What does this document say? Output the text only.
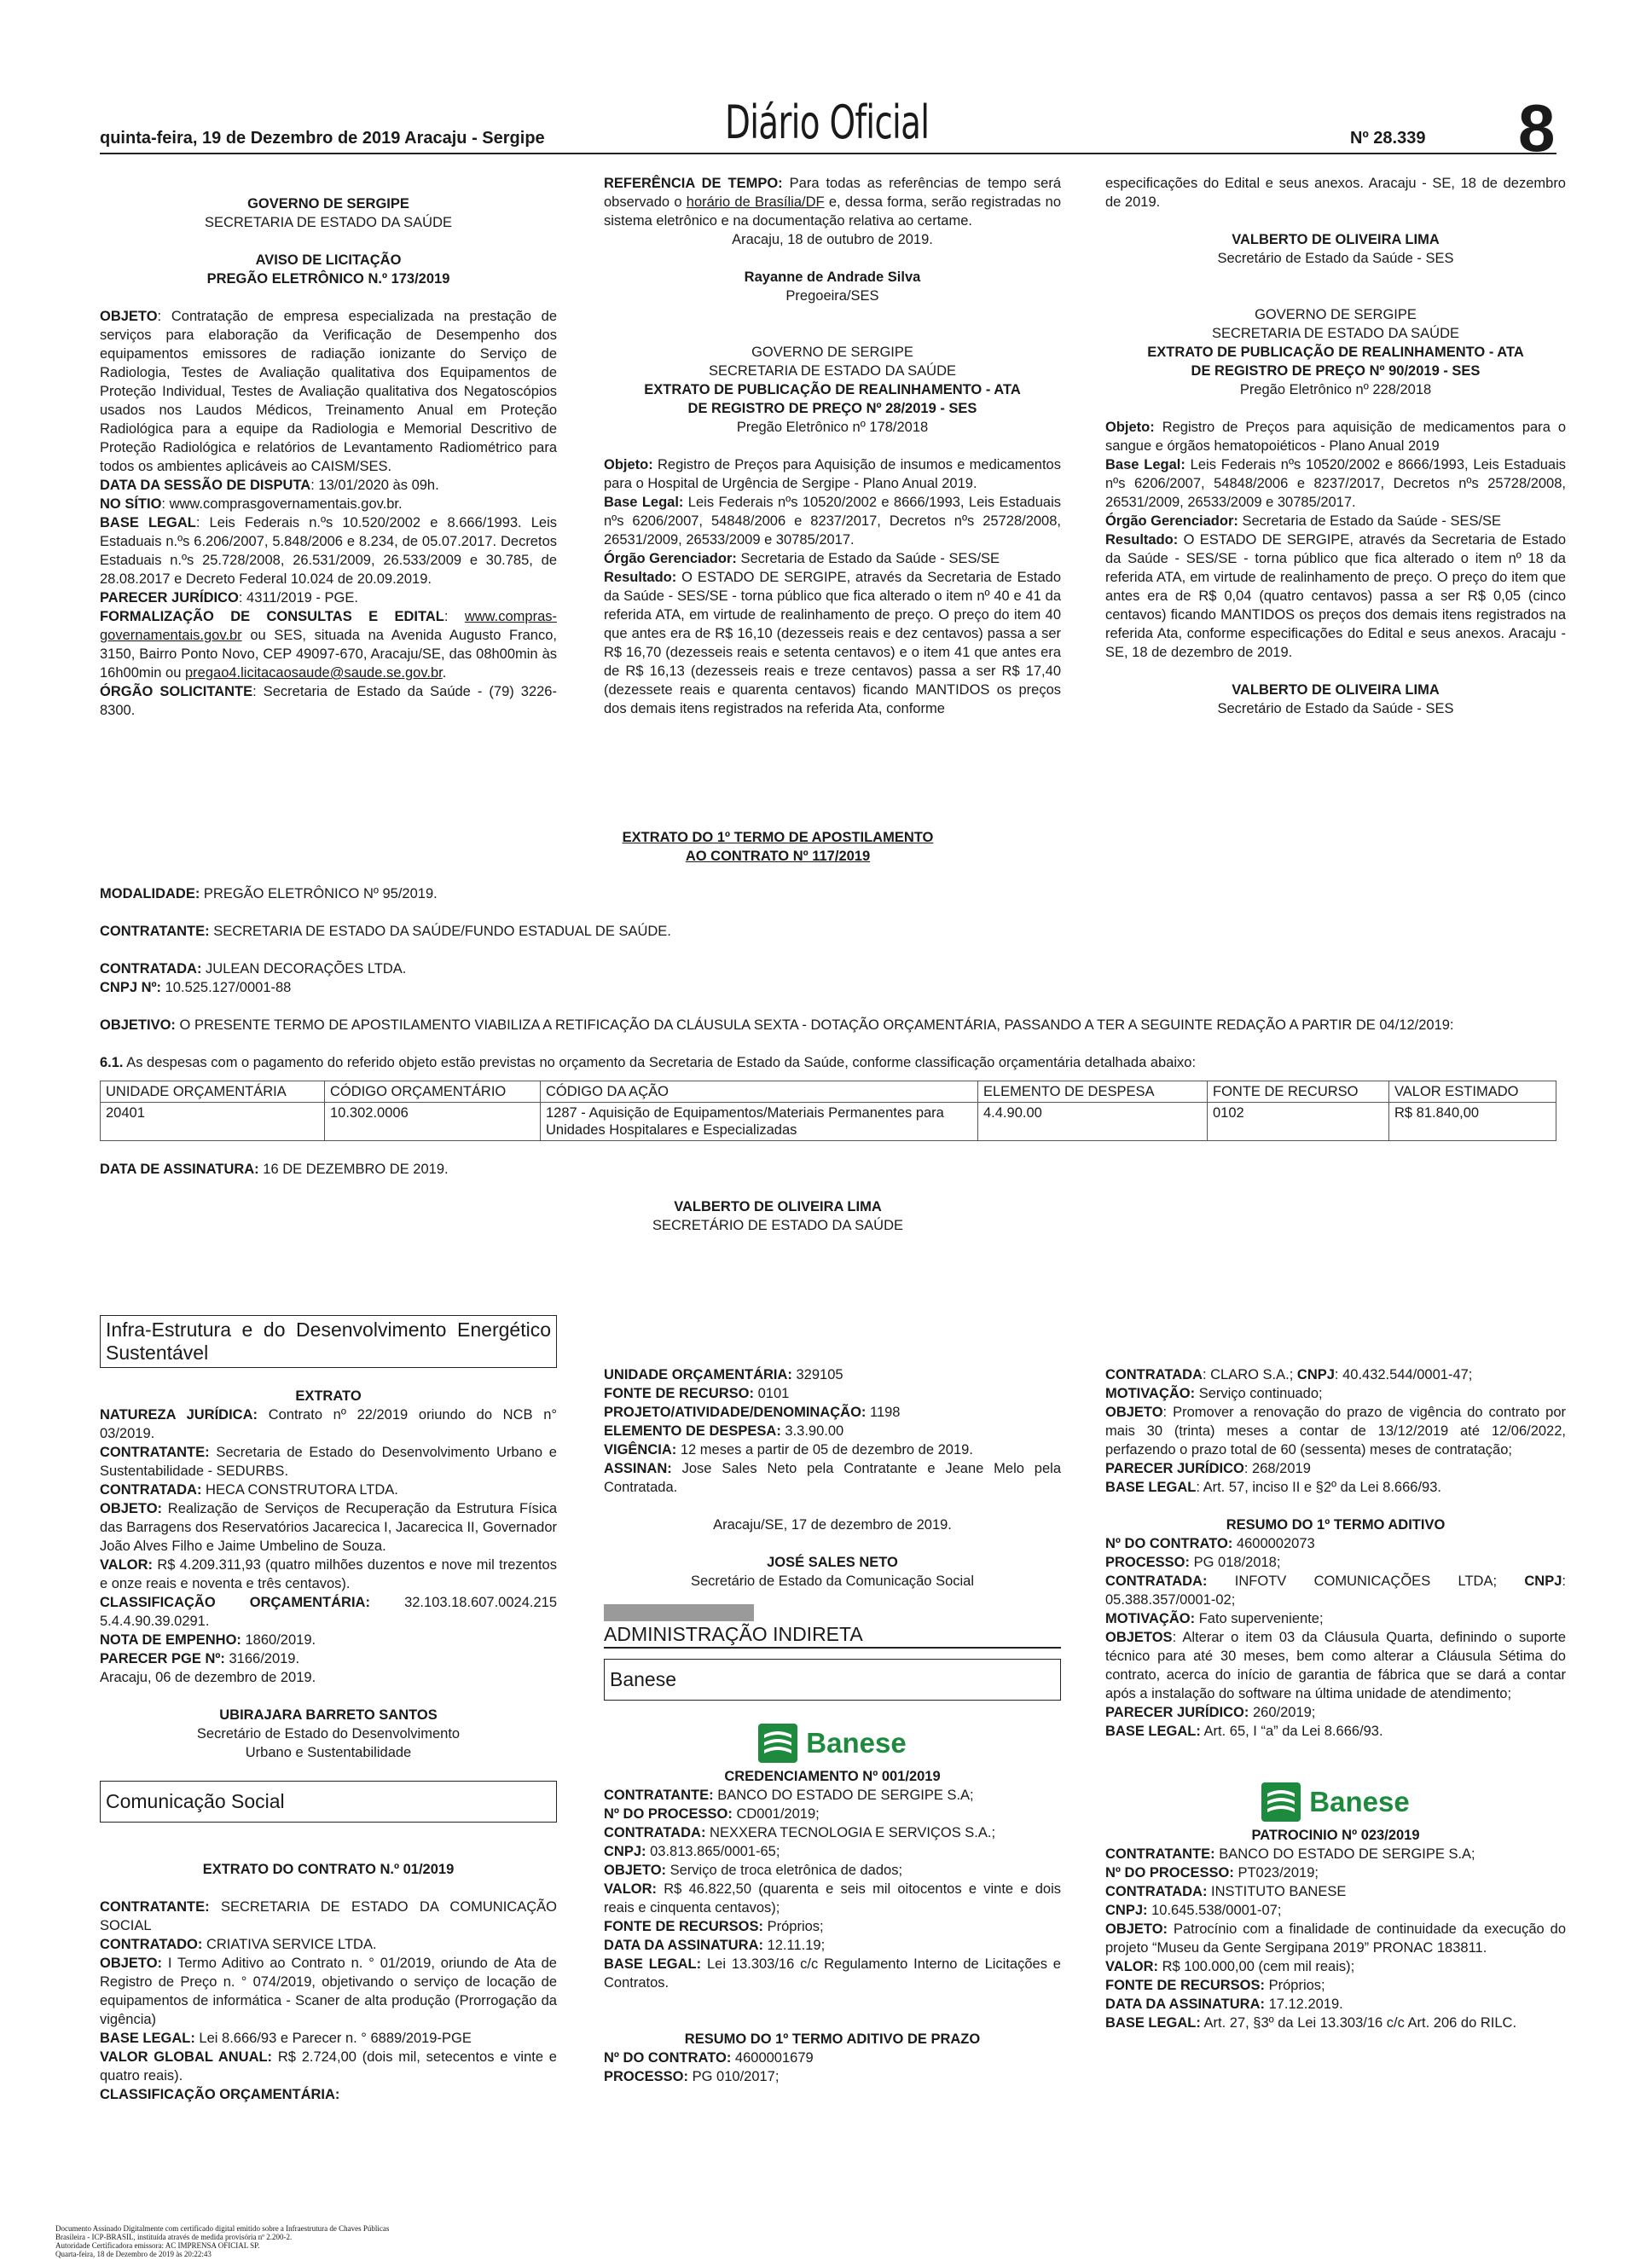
quinta-feira, 19 de Dezembro de 2019 Aracaju - Sergipe	Diário Oficial	Nº 28.339 8

GOVERNO DE SERGIPE

SECRETARIA DE ESTADO DA SAÚDE

AVISO DE LICITAÇÃO

PREGÃO ELETRÔNICO N.º 173/2019

OBJETO: Contratação de empresa especializada na prestação de serviços para elaboração da Verificação de Desempenho dos equipamentos emissores de radiação ionizante do Serviço de Radiologia, Testes de Avaliação qualitativa dos Equipamentos de Proteção Individual, Testes de Avaliação qualitativa dos Negatoscópios usados nos Laudos Médicos, Treinamento Anual em Proteção Radiológica para a equipe da Radiologia e Memorial Descritivo de Proteção Radiológica e relatórios de Levantamento Radiométrico para todos os ambientes aplicáveis ao CAISM/SES.

DATA DA SESSÃO DE DISPUTA: 13/01/2020 às 09h.

NO SÍTIO: www.comprasgovernamentais.gov.br.

BASE LEGAL: Leis Federais n.ºs 10.520/2002 e 8.666/1993. Leis Estaduais n.ºs 6.206/2007, 5.848/2006 e 8.234, de 05.07.2017. Decretos Estaduais n.ºs 25.728/2008, 26.531/2009, 26.533/2009 e 30.785, de 28.08.2017 e Decreto Federal 10.024 de 20.09.2019.

PARECER JURÍDICO: 4311/2019 - PGE.

FORMALIZAÇÃO DE CONSULTAS E EDITAL: www.compras-governamentais.gov.br ou SES, situada na Avenida Augusto Franco, 3150, Bairro Ponto Novo, CEP 49097-670, Aracaju/SE, das 08h00min às 16h00min ou pregao4.licitacaosaude@saude.se.gov.br.

ÓRGÃO SOLICITANTE: Secretaria de Estado da Saúde - (79) 3226-8300.

REFERÊNCIA DE TEMPO: Para todas as referências de tempo será observado o horário de Brasília/DF e, dessa forma, serão registradas no sistema eletrônico e na documentação relativa ao certame.

Aracaju, 18 de outubro de 2019.

Rayanne de Andrade Silva

Pregoeira/SES

GOVERNO DE SERGIPE

SECRETARIA DE ESTADO DA SAÚDE

EXTRATO DE PUBLICAÇÃO DE REALINHAMENTO - ATA

DE REGISTRO DE PREÇO Nº 28/2019 - SES

Pregão Eletrônico nº 178/2018

Objeto: Registro de Preços para Aquisição de insumos e medicamentos para o Hospital de Urgência de Sergipe - Plano Anual 2019.

Base Legal: Leis Federais nºs 10520/2002 e 8666/1993, Leis Estaduais nºs 6206/2007, 54848/2006 e 8237/2017, Decretos nºs 25728/2008, 26531/2009, 26533/2009 e 30785/2017.

Órgão Gerenciador: Secretaria de Estado da Saúde - SES/SE

Resultado: O ESTADO DE SERGIPE, através da Secretaria de Estado da Saúde - SES/SE - torna público que fica alterado o item nº 40 e 41 da referida ATA, em virtude de realinhamento de preço. O preço do item 40 que antes era de R$ 16,10 (dezesseis reais e dez centavos) passa a ser R$ 16,70 (dezesseis reais e setenta centavos) e o item 41 que antes era de R$ 16,13 (dezesseis reais e treze centavos) passa a ser R$ 17,40 (dezessete reais e quarenta centavos) ficando MANTIDOS os preços dos demais itens registrados na referida Ata, conforme

especificações do Edital e seus anexos. Aracaju - SE, 18 de dezembro de 2019.

VALBERTO DE OLIVEIRA LIMA

Secretário de Estado da Saúde - SES

GOVERNO DE SERGIPE

SECRETARIA DE ESTADO DA SAÚDE

EXTRATO DE PUBLICAÇÃO DE REALINHAMENTO - ATA

DE REGISTRO DE PREÇO Nº 90/2019 - SES

Pregão Eletrônico nº 228/2018

Objeto: Registro de Preços para aquisição de medicamentos para o sangue e órgãos hematopoiéticos - Plano Anual 2019

Base Legal: Leis Federais nºs 10520/2002 e 8666/1993, Leis Estaduais nºs 6206/2007, 54848/2006 e 8237/2017, Decretos nºs 25728/2008, 26531/2009, 26533/2009 e 30785/2017.

Órgão Gerenciador: Secretaria de Estado da Saúde - SES/SE

Resultado: O ESTADO DE SERGIPE, através da Secretaria de Estado da Saúde - SES/SE - torna público que fica alterado o item nº 18 da referida ATA, em virtude de realinhamento de preço. O preço do item que antes era de R$ 0,04 (quatro centavos) passa a ser R$ 0,05 (cinco centavos) ficando MANTIDOS os preços dos demais itens registrados na referida Ata, conforme especificações do Edital e seus anexos. Aracaju - SE, 18 de dezembro de 2019.

VALBERTO DE OLIVEIRA LIMA

Secretário de Estado da Saúde - SES

EXTRATO DO 1º TERMO DE APOSTILAMENTO
AO CONTRATO Nº 117/2019

MODALIDADE: PREGÃO ELETRÔNICO Nº 95/2019.

CONTRATANTE: SECRETARIA DE ESTADO DA SAÚDE/FUNDO ESTADUAL DE SAÚDE.

CONTRATADA: JULEAN DECORAÇÕES LTDA.

CNPJ Nº: 10.525.127/0001-88

OBJETIVO: O PRESENTE TERMO DE APOSTILAMENTO VIABILIZA A RETIFICAÇÃO DA CLÁUSULA SEXTA - DOTAÇÃO ORÇAMENTÁRIA, PASSANDO A TER A SEGUINTE REDAÇÃO A PARTIR DE 04/12/2019:

6.1. As despesas com o pagamento do referido objeto estão previstas no orçamento da Secretaria de Estado da Saúde, conforme classificação orçamentária detalhada abaixo:

UNIDADE ORÇAMENTÁRIA	CÓDIGO ORÇAMENTÁRIO	CÓDIGO DA AÇÃO	ELEMENTO DE DESPESA	FONTE DE RECURSO	VALOR ESTIMADO
20401	10.302.0006	1287 - Aquisição de Equipamentos/Materiais Permanentes para Unidades Hospitalares e Especializadas	4.4.90.00	0102	R$ 81.840,00

DATA DE ASSINATURA: 16 DE DEZEMBRO DE 2019.

VALBERTO DE OLIVEIRA LIMA

SECRETÁRIO DE ESTADO DA SAÚDE

Infra-Estrutura e do Desenvolvimento Energético Sustentável

EXTRATO

NATUREZA JURÍDICA: Contrato nº 22/2019 oriundo do NCB n° 03/2019.

CONTRATANTE: Secretaria de Estado do Desenvolvimento Urbano e Sustentabilidade - SEDURBS.

CONTRATADA: HECA CONSTRUTORA LTDA.

OBJETO: Realização de Serviços de Recuperação da Estrutura Física das Barragens dos Reservatórios Jacarecica I, Jacarecica II, Governador João Alves Filho e Jaime Umbelino de Souza.

VALOR: R$ 4.209.311,93 (quatro milhões duzentos e nove mil trezentos e onze reais e noventa e três centavos).

CLASSIFICAÇÃO ORÇAMENTÁRIA: 32.103.18.607.0024.215 5.4.4.90.39.0291.

NOTA DE EMPENHO: 1860/2019.

PARECER PGE Nº: 3166/2019.

Aracaju, 06 de dezembro de 2019.

UBIRAJARA BARRETO SANTOS

Secretário de Estado do Desenvolvimento

Urbano e Sustentabilidade

Comunicação Social

EXTRATO DO CONTRATO N.º 01/2019

CONTRATANTE: SECRETARIA DE ESTADO DA COMUNICAÇÃO SOCIAL

CONTRATADO: CRIATIVA SERVICE LTDA.

OBJETO: I Termo Aditivo ao Contrato n. ° 01/2019, oriundo de Ata de Registro de Preço n. ° 074/2019, objetivando o serviço de locação de equipamentos de informática - Scaner de alta produção (Prorrogação da vigência)

BASE LEGAL: Lei 8.666/93 e Parecer n. ° 6889/2019-PGE

VALOR GLOBAL ANUAL: R$ 2.724,00 (dois mil, setecentos e vinte e quatro reais).

CLASSIFICAÇÃO ORÇAMENTÁRIA:

UNIDADE ORÇAMENTÁRIA: 329105

FONTE DE RECURSO: 0101

PROJETO/ATIVIDADE/DENOMINAÇÃO: 1198

ELEMENTO DE DESPESA: 3.3.90.00

VIGÊNCIA: 12 meses a partir de 05 de dezembro de 2019.

ASSINAN: Jose Sales Neto pela Contratante e Jeane Melo pela Contratada.

Aracaju/SE, 17 de dezembro de 2019.

JOSÉ SALES NETO

Secretário de Estado da Comunicação Social

ADMINISTRAÇÃO INDIRETA
Banese
Banese

CREDENCIAMENTO Nº 001/2019

CONTRATANTE: BANCO DO ESTADO DE SERGIPE S.A;

Nº DO PROCESSO: CD001/2019;

CONTRATADA: NEXXERA TECNOLOGIA E SERVIÇOS S.A.;

CNPJ: 03.813.865/0001-65;

OBJETO: Serviço de troca eletrônica de dados;

VALOR: R$ 46.822,50 (quarenta e seis mil oitocentos e vinte e dois reais e cinquenta centavos);

FONTE DE RECURSOS: Próprios;

DATA DA ASSINATURA: 12.11.19;

BASE LEGAL: Lei 13.303/16 c/c Regulamento Interno de Licitações e Contratos.

RESUMO DO 1º TERMO ADITIVO DE PRAZO

Nº DO CONTRATO: 4600001679

PROCESSO: PG 010/2017;

CONTRATADA: CLARO S.A.; CNPJ: 40.432.544/0001-47;

MOTIVAÇÃO: Serviço continuado;

OBJETO: Promover a renovação do prazo de vigência do contrato por mais 30 (trinta) meses a contar de 13/12/2019 até 12/06/2022, perfazendo o prazo total de 60 (sessenta) meses de contratação;

PARECER JURÍDICO: 268/2019

BASE LEGAL: Art. 57, inciso II e §2º da Lei 8.666/93.

RESUMO DO 1º TERMO ADITIVO

Nº DO CONTRATO: 4600002073

PROCESSO: PG 018/2018;

CONTRATADA: INFOTV COMUNICAÇÕES LTDA; CNPJ: 05.388.357/0001-02;

MOTIVAÇÃO: Fato superveniente;

OBJETOS: Alterar o item 03 da Cláusula Quarta, definindo o suporte técnico para até 30 meses, bem como alterar a Cláusula Sétima do contrato, acerca do início de garantia de fábrica que se dará a contar após a instalação do software na última unidade de atendimento;

PARECER JURÍDICO: 260/2019;

BASE LEGAL: Art. 65, I “a” da Lei 8.666/93.

Banese

PATROCINIO Nº 023/2019

CONTRATANTE: BANCO DO ESTADO DE SERGIPE S.A;

Nº DO PROCESSO: PT023/2019;

CONTRATADA: INSTITUTO BANESE

CNPJ: 10.645.538/0001-07;

OBJETO: Patrocínio com a finalidade de continuidade da execução do projeto “Museu da Gente Sergipana 2019” PRONAC 183811.

VALOR: R$ 100.000,00 (cem mil reais);

FONTE DE RECURSOS: Próprios;

DATA DA ASSINATURA: 17.12.2019.

BASE LEGAL: Art. 27, §3º da Lei 13.303/16 c/c Art. 206 do RILC.

Documento Assinado Digitalmente com certificado digital emitido sobre a Infraestrutura de Chaves Públicas
Brasileira - ICP-BRASIL, instituída através de medida provisória nº 2.200-2.
Autoridade Certificadora emissora: AC IMPRENSA OFICIAL SP.
Quarta-feira, 18 de Dezembro de 2019 às 20:22:43
